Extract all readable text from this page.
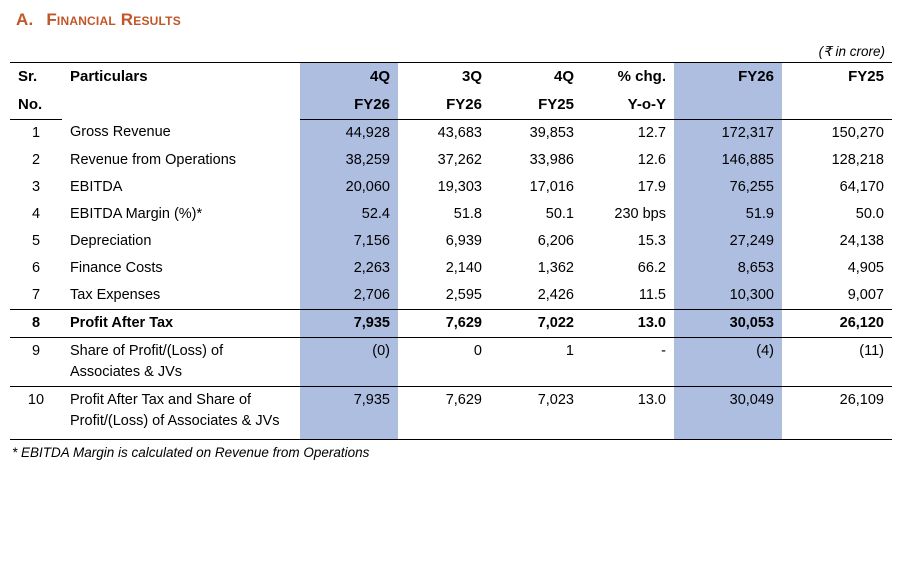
A. Financial Results
(₹ in crore)
Sr.	Particulars	4Q	3Q	4Q	% chg.	FY26	FY25
No.		FY26	FY26	FY25	Y-o-Y		
1	Gross Revenue	44,928	43,683	39,853	12.7	172,317	150,270
2	Revenue from Operations	38,259	37,262	33,986	12.6	146,885	128,218
3	EBITDA	20,060	19,303	17,016	17.9	76,255	64,170
4	EBITDA Margin (%)*	52.4	51.8	50.1	230 bps	51.9	50.0
5	Depreciation	7,156	6,939	6,206	15.3	27,249	24,138
6	Finance Costs	2,263	2,140	1,362	66.2	8,653	4,905
7	Tax Expenses	2,706	2,595	2,426	11.5	10,300	9,007
8	Profit After Tax	7,935	7,629	7,022	13.0	30,053	26,120
9	Share of Profit/(Loss) of Associates & JVs	(0)	0	1	-	(4)	(11)
10	Profit After Tax and Share of Profit/(Loss) of Associates & JVs	7,935	7,629	7,023	13.0	30,049	26,109

* EBITDA Margin is calculated on Revenue from Operations
